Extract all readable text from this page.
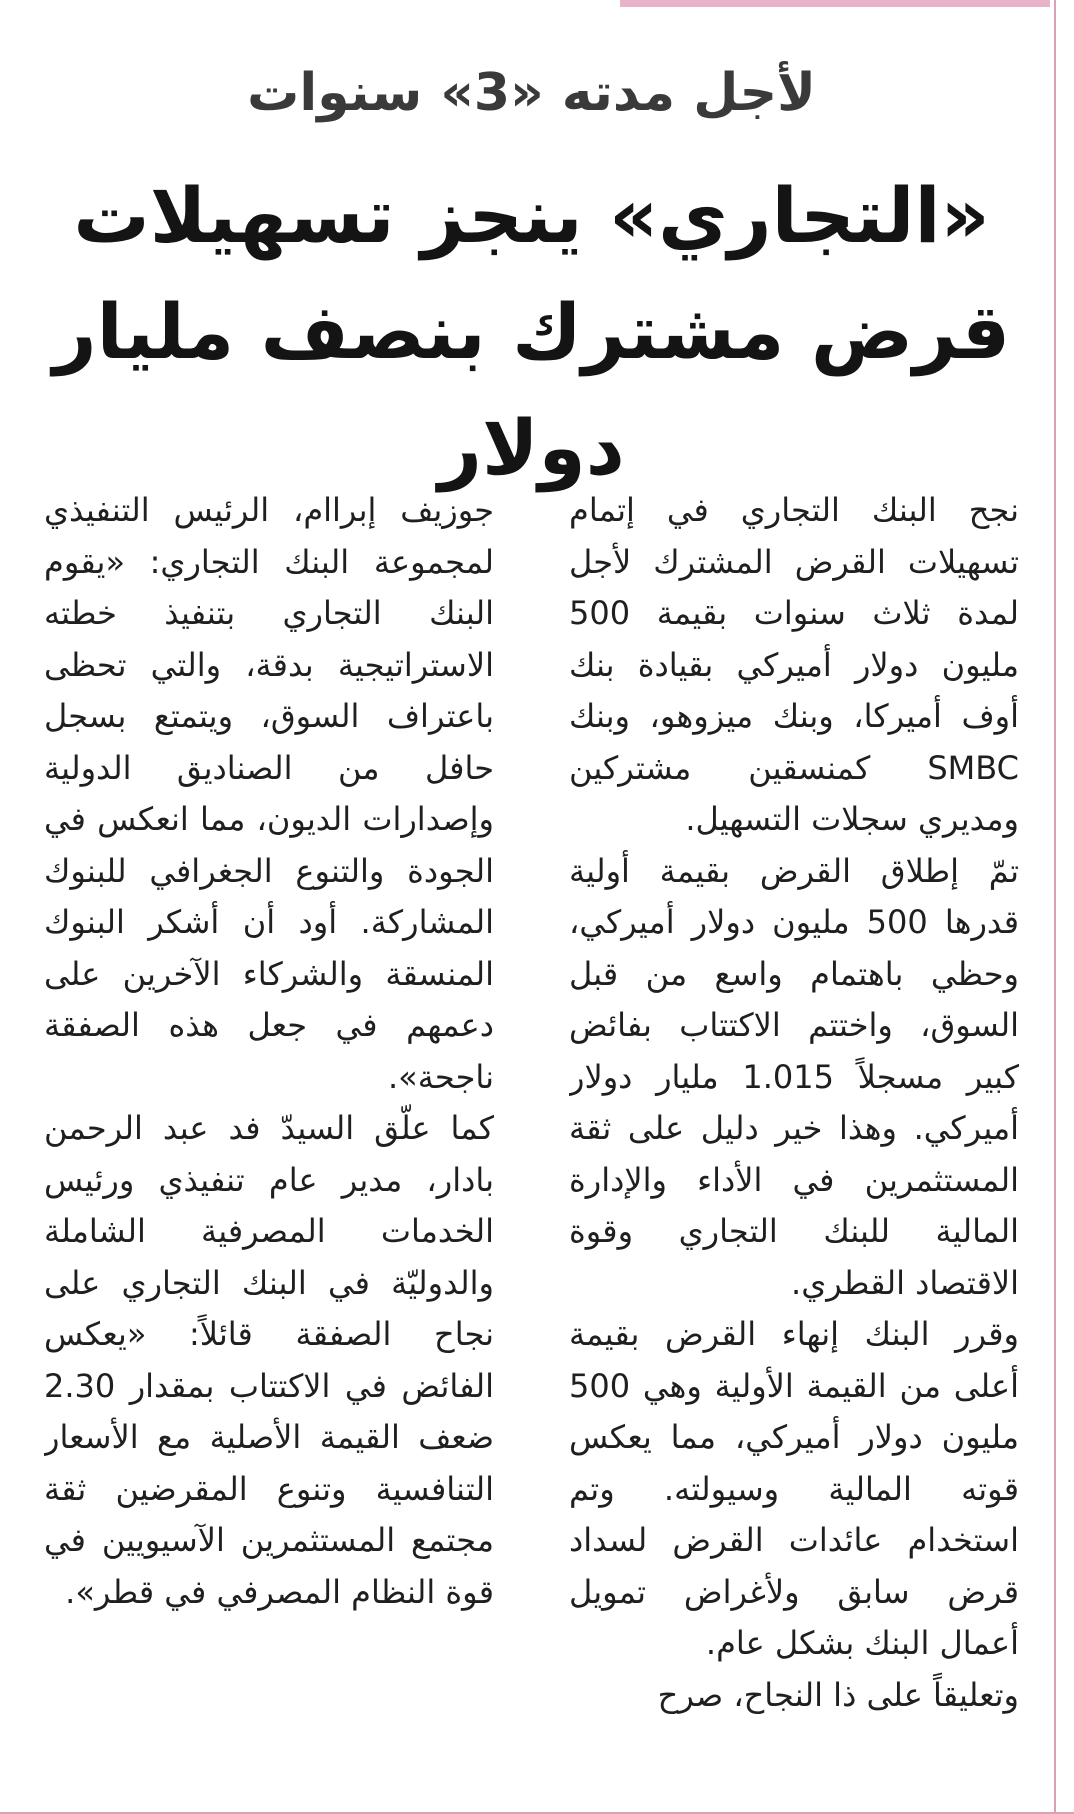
لأجل مدته «3» سنوات
«التجاري» ينجز تسهيلات قرض مشترك بنصف مليار دولار

نجح البنك التجاري في إتمام تسهيلات القرض المشترك لأجل لمدة ثلاث سنوات بقيمة 500 مليون دولار أميركي بقيادة بنك أوف أميركا، وبنك ميزوهو، وبنك SMBC كمنسقين مشتركين ومديري سجلات التسهيل.

تمّ إطلاق القرض بقيمة أولية قدرها 500 مليون دولار أميركي، وحظي باهتمام واسع من قبل السوق، واختتم الاكتتاب بفائض كبير مسجلاً 1.015 مليار دولار أميركي. وهذا خير دليل على ثقة المستثمرين في الأداء والإدارة المالية للبنك التجاري وقوة الاقتصاد القطري.

وقرر البنك إنهاء القرض بقيمة أعلى من القيمة الأولية وهي 500 مليون دولار أميركي، مما يعكس قوته المالية وسيولته. وتم استخدام عائدات القرض لسداد قرض سابق ولأغراض تمويل أعمال البنك بشكل عام.

وتعليقاً على ذا النجاح، صرح

جوزيف إبراام، الرئيس التنفيذي لمجموعة البنك التجاري: «يقوم البنك التجاري بتنفيذ خطته الاستراتيجية بدقة، والتي تحظى باعتراف السوق، ويتمتع بسجل حافل من الصناديق الدولية وإصدارات الديون، مما انعكس في الجودة والتنوع الجغرافي للبنوك المشاركة. أود أن أشكر البنوك المنسقة والشركاء الآخرين على دعمهم في جعل هذه الصفقة ناجحة».

كما علّق السيدّ فد عبد الرحمن بادار، مدير عام تنفيذي ورئيس الخدمات المصرفية الشاملة والدوليّة في البنك التجاري على نجاح الصفقة قائلاً: «يعكس الفائض في الاكتتاب بمقدار 2.30 ضعف القيمة الأصلية مع الأسعار التنافسية وتنوع المقرضين ثقة مجتمع المستثمرين الآسيويين في قوة النظام المصرفي في قطر».
